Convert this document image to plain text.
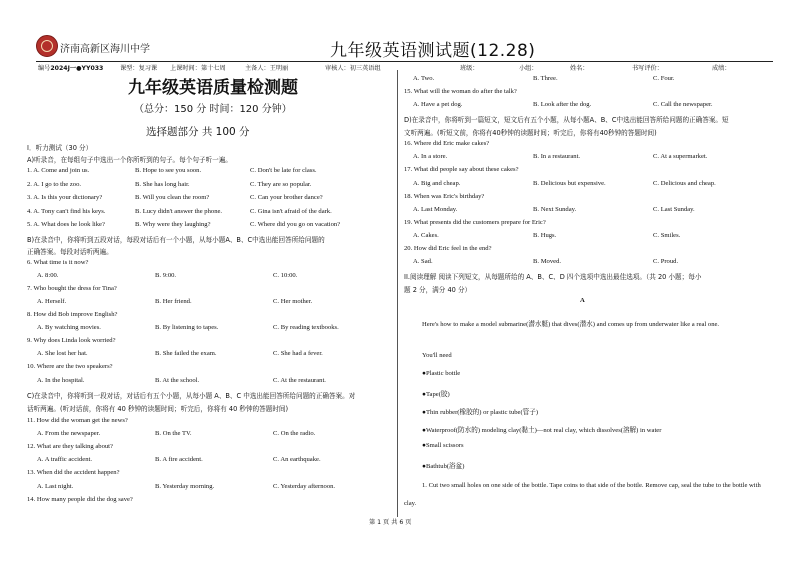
济南高新区海川中学	九年级英语测试题(12.28)
编号2024J一●YY033	课型：复习课 上课时间：第十七周	主备人：王明丽	审核人：初三英语组	班级：	小组：	姓名：	书写评价：	成绩：
九年级英语质量检测题
（总分：150 分 时间：120 分钟）
选择题部分 共 100 分
I．听力测试（30 分）
A)听录音，在每组句子中选出一个你所听到的句子。每个句子听一遍。
1. A. Come and join us.	B. Hope to see you soon.	C. Don't be late for class.
2. A. I go to the zoo.	B. She has long hair.	C. They are so popular.
3. A. Is this your dictionary?	B. Will you clean the room?	C. Can your brother dance?
4. A. Tony can't find his keys.	B. Lucy didn't answer the phone.	C. Gina isn't afraid of the dark.
5. A. What does he look like?	B. Why were they laughing?	C. Where did you go on vacation?
B)在录音中，你将听到五段对话，每段对话后有一个小题，从每小题A、B、C中选出能回答所给问题的
正确答案。每段对话听两遍。
6. What time is it now?
A. 8:00.	B. 9:00.	C. 10:00.
7. Who bought the dress for Tina?
A. Herself.	B. Her friend.	C. Her mother.
8. How did Bob improve English?
A. By watching movies.	B. By listening to tapes.	C. By reading textbooks.
9. Why does Linda look worried?
A. She lost her hat.	B. She failed the exam.	C. She had a fever.
10. Where are the two speakers?
A. In the hospital.	B. At the school.	C. At the restaurant.
C)在录音中，你将听到一段对话，对话后有五个小题，从每小题 A、B、C 中选出能回答所给问题的正确答案。对
话听两遍。(听对话前，你将有 40 秒钟的读题时间；听完后，你将有 40 秒钟的答题时间)
11. How did the woman get the news?
A. From the newspaper.	B. On the TV.	C. On the radio.
12. What are they talking about?
A. A traffic accident.	B. A fire accident.	C. An earthquake.
13. When did the accident happen?
A. Last night.	B. Yesterday morning.	C. Yesterday afternoon.
14. How many people did the dog save?
A. Two.	B. Three.	C. Four.
15. What will the woman do after the talk?
A. Have a pet dog.	B. Look after the dog.	C. Call the newspaper.
D)在录音中，你将听到一篇短文，短文后有五个小题，从每小题A、B、C中选出能回答所给问题的正确答案。短
文听两遍。(听短文前，你将有40秒钟的读题时间；听完后，你将有40秒钟的答题时间)
16. Where did Eric make cakes?
A. In a store.	B. In a restaurant.	C. At a supermarket.
17. What did people say about these cakes?
A. Big and cheap.	B. Delicious but expensive.	C. Delicious and cheap.
18. When was Eric's birthday?
A. Last Monday.	B. Next Sunday.	C. Last Sunday.
19. What presents did the customers prepare for Eric?
A. Cakes.	B. Hugs.	C. Smiles.
20. How did Eric feel in the end?
A. Sad.	B. Moved.	C. Proud.
II.阅读理解 阅读下列短文，从每题所给的 A、B、C、D 四个选项中选出最佳选项。（共 20 小题；每小
题 2 分，满分 40 分）
A
Here's how to make a model submarine(潜水艇) that dives(潜水) and comes up from underwater like a real one.
You'll need
●Plastic bottle
●Tape(胶)
●Thin rubber(橡胶的) or plastic tube(管子)
●Waterproof(防水的) modeling clay(黏土)—not real clay, which dissolves(溶解) in water
●Small scissors
●Bathtub(浴盆)
1. Cut two small holes on one side of the bottle. Tape coins to that side of the bottle. Remove cap, seal the tube to the bottle with clay.
第 1 页 共 6 页
